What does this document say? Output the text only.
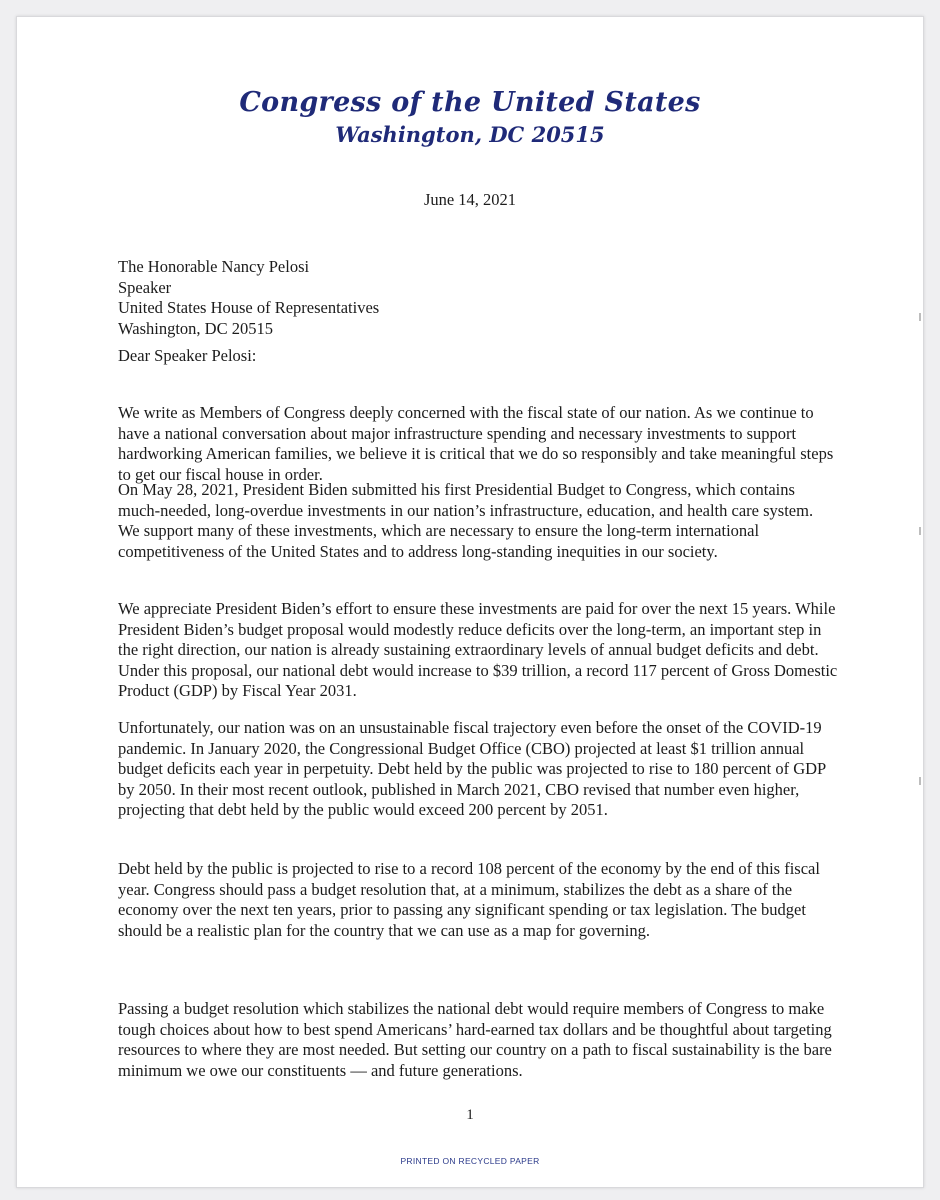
Congress of the United States
Washington, DC 20515
June 14, 2021
The Honorable Nancy Pelosi
Speaker
United States House of Representatives
Washington, DC 20515
Dear Speaker Pelosi:
We write as Members of Congress deeply concerned with the fiscal state of our nation. As we continue to have a national conversation about major infrastructure spending and necessary investments to support hardworking American families, we believe it is critical that we do so responsibly and take meaningful steps to get our fiscal house in order.
On May 28, 2021, President Biden submitted his first Presidential Budget to Congress, which contains much-needed, long-overdue investments in our nation’s infrastructure, education, and health care system. We support many of these investments, which are necessary to ensure the long-term international competitiveness of the United States and to address long-standing inequities in our society.
We appreciate President Biden’s effort to ensure these investments are paid for over the next 15 years. While President Biden’s budget proposal would modestly reduce deficits over the long-term, an important step in the right direction, our nation is already sustaining extraordinary levels of annual budget deficits and debt. Under this proposal, our national debt would increase to $39 trillion, a record 117 percent of Gross Domestic Product (GDP) by Fiscal Year 2031.
Unfortunately, our nation was on an unsustainable fiscal trajectory even before the onset of the COVID-19 pandemic. In January 2020, the Congressional Budget Office (CBO) projected at least $1 trillion annual budget deficits each year in perpetuity. Debt held by the public was projected to rise to 180 percent of GDP by 2050. In their most recent outlook, published in March 2021, CBO revised that number even higher, projecting that debt held by the public would exceed 200 percent by 2051.
Debt held by the public is projected to rise to a record 108 percent of the economy by the end of this fiscal year. Congress should pass a budget resolution that, at a minimum, stabilizes the debt as a share of the economy over the next ten years, prior to passing any significant spending or tax legislation. The budget should be a realistic plan for the country that we can use as a map for governing.
Passing a budget resolution which stabilizes the national debt would require members of Congress to make tough choices about how to best spend Americans’ hard-earned tax dollars and be thoughtful about targeting resources to where they are most needed. But setting our country on a path to fiscal sustainability is the bare minimum we owe our constituents — and future generations.
1
PRINTED ON RECYCLED PAPER
